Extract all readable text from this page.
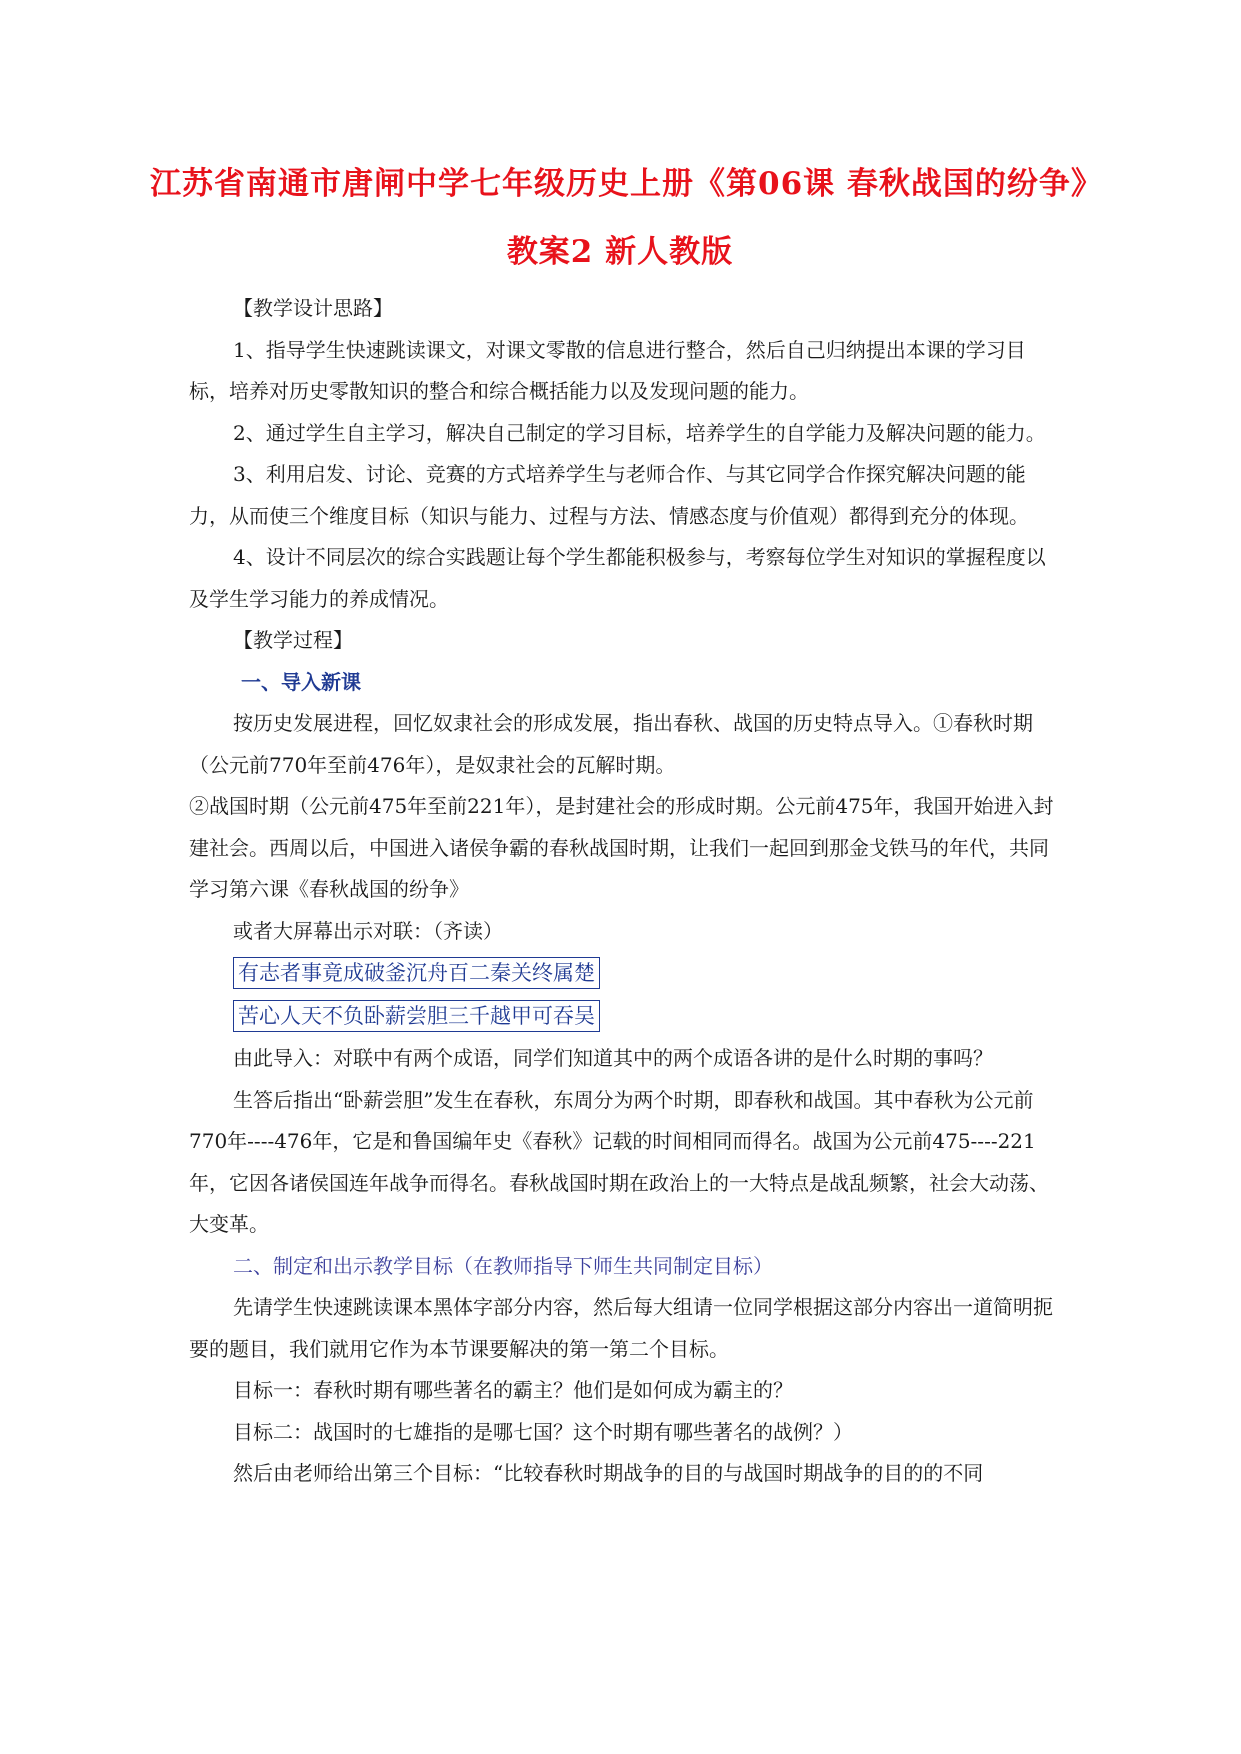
江苏省南通市唐闸中学七年级历史上册《第06课 春秋战国的纷争》
教案2 新人教版

【教学设计思路】

1、指导学生快速跳读课文，对课文零散的信息进行整合，然后自己归纳提出本课的学习目标，培养对历史零散知识的整合和综合概括能力以及发现问题的能力。

2、通过学生自主学习，解决自己制定的学习目标，培养学生的自学能力及解决问题的能力。

3、利用启发、讨论、竞赛的方式培养学生与老师合作、与其它同学合作探究解决问题的能力，从而使三个维度目标（知识与能力、过程与方法、情感态度与价值观）都得到充分的体现。

4、设计不同层次的综合实践题让每个学生都能积极参与，考察每位学生对知识的掌握程度以及学生学习能力的养成情况。

【教学过程】

一、导入新课

按历史发展进程，回忆奴隶社会的形成发展，指出春秋、战国的历史特点导入。①春秋时期（公元前770年至前476年），是奴隶社会的瓦解时期。

②战国时期（公元前475年至前221年），是封建社会的形成时期。公元前475年，我国开始进入封建社会。西周以后，中国进入诸侯争霸的春秋战国时期，让我们一起回到那金戈铁马的年代，共同学习第六课《春秋战国的纷争》

或者大屏幕出示对联：（齐读）

有志者事竟成破釜沉舟百二秦关终属楚
苦心人天不负卧薪尝胆三千越甲可吞吴

由此导入：对联中有两个成语，同学们知道其中的两个成语各讲的是什么时期的事吗？

生答后指出“卧薪尝胆”发生在春秋，东周分为两个时期，即春秋和战国。其中春秋为公元前770年----476年，它是和鲁国编年史《春秋》记载的时间相同而得名。战国为公元前475----221年，它因各诸侯国连年战争而得名。春秋战国时期在政治上的一大特点是战乱频繁，社会大动荡、大变革。

二、制定和出示教学目标（在教师指导下师生共同制定目标）

先请学生快速跳读课本黑体字部分内容，然后每大组请一位同学根据这部分内容出一道简明扼要的题目，我们就用它作为本节课要解决的第一第二个目标。

目标一：春秋时期有哪些著名的霸主？他们是如何成为霸主的？

目标二：战国时的七雄指的是哪七国？这个时期有哪些著名的战例？）

然后由老师给出第三个目标：“比较春秋时期战争的目的与战国时期战争的目的的不同
